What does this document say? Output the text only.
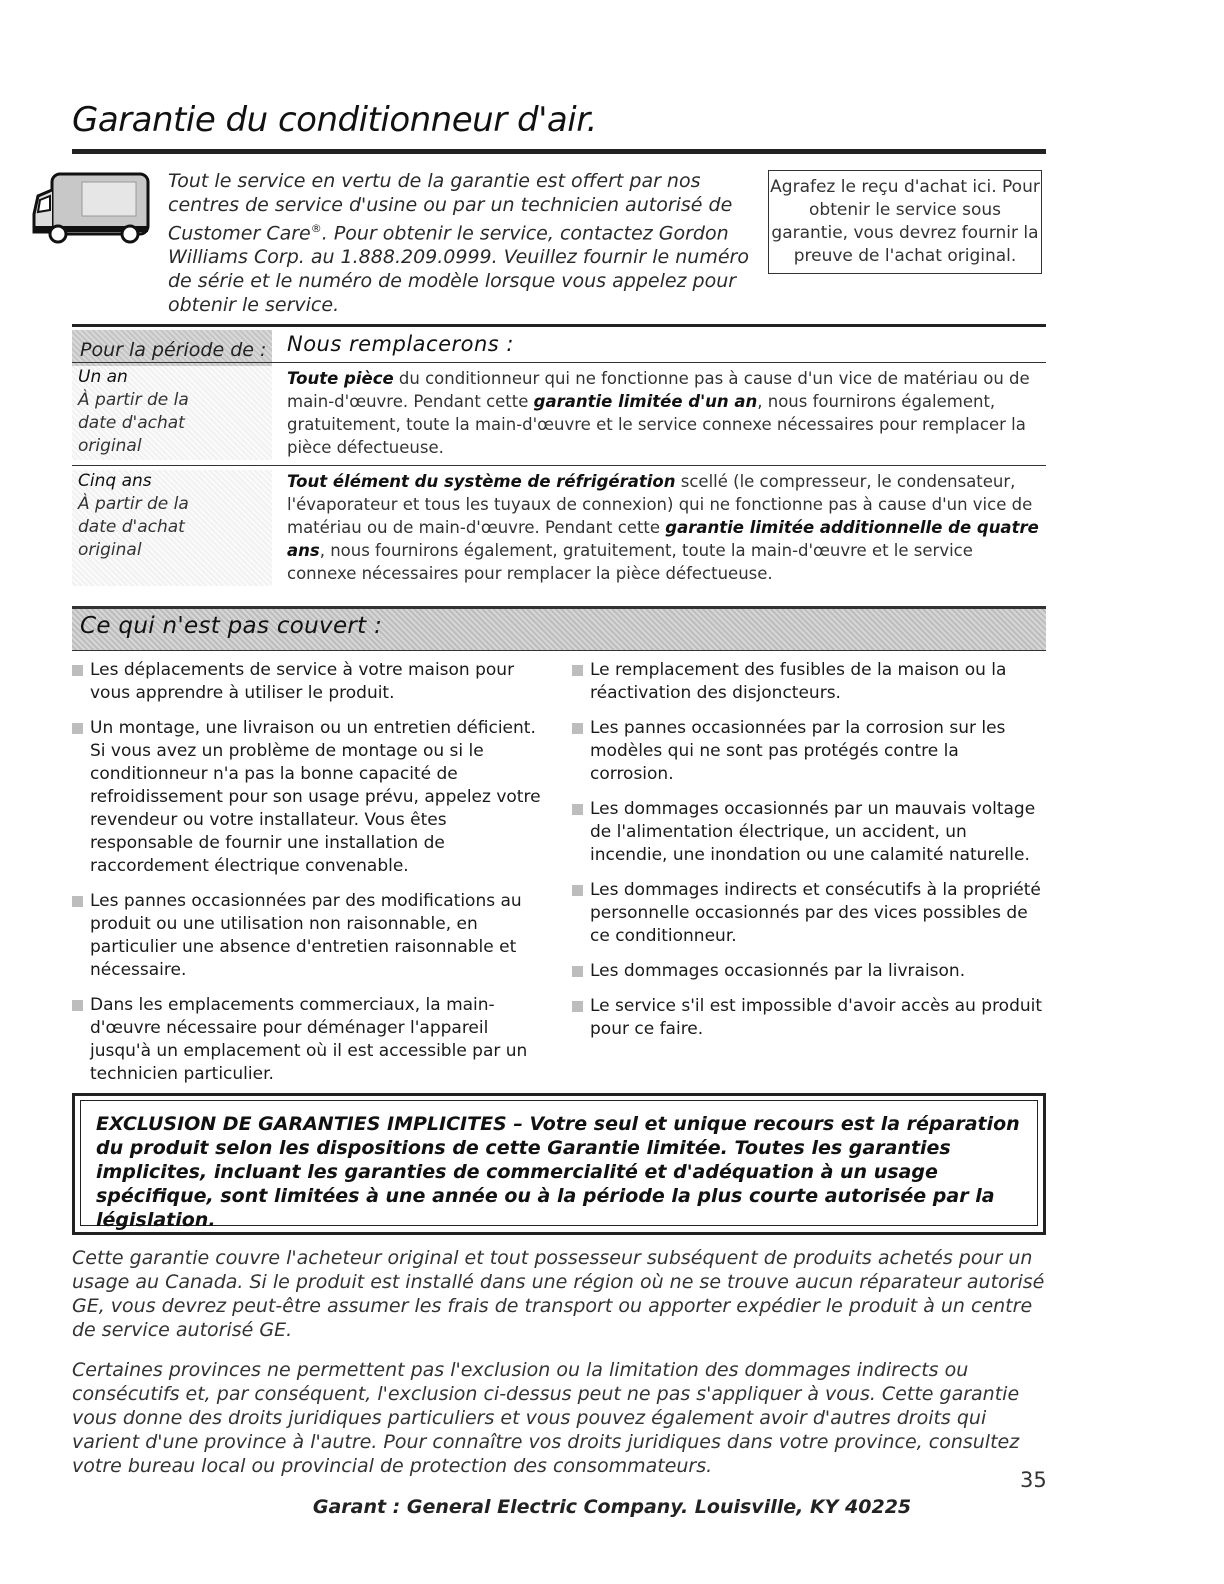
Garantie du conditionneur d'air.
Tout le service en vertu de la garantie est offert par nos centres de service d'usine ou par un technicien autorisé de Customer Care®. Pour obtenir le service, contactez Gordon Williams Corp. au 1.888.209.0999. Veuillez fournir le numéro de série et le numéro de modèle lorsque vous appelez pour obtenir le service.
Agrafez le reçu d'achat ici. Pour obtenir le service sous garantie, vous devrez fournir la preuve de l'achat original.
Pour la période de : Nous remplacerons :
Un an
À partir de la date d'achat original
Toute pièce du conditionneur qui ne fonctionne pas à cause d'un vice de matériau ou de main-d'œuvre. Pendant cette garantie limitée d'un an, nous fournirons également, gratuitement, toute la main-d'œuvre et le service connexe nécessaires pour remplacer la pièce défectueuse.
Cinq ans
À partir de la date d'achat original
Tout élément du système de réfrigération scellé (le compresseur, le condensateur, l'évaporateur et tous les tuyaux de connexion) qui ne fonctionne pas à cause d'un vice de matériau ou de main-d'œuvre. Pendant cette garantie limitée additionnelle de quatre ans, nous fournirons également, gratuitement, toute la main-d'œuvre et le service connexe nécessaires pour remplacer la pièce défectueuse.
Ce qui n'est pas couvert :
Les déplacements de service à votre maison pour vous apprendre à utiliser le produit.
Un montage, une livraison ou un entretien déficient. Si vous avez un problème de montage ou si le conditionneur n'a pas la bonne capacité de refroidissement pour son usage prévu, appelez votre revendeur ou votre installateur. Vous êtes responsable de fournir une installation de raccordement électrique convenable.
Les pannes occasionnées par des modifications au produit ou une utilisation non raisonnable, en particulier une absence d'entretien raisonnable et nécessaire.
Dans les emplacements commerciaux, la main-d'œuvre nécessaire pour déménager l'appareil jusqu'à un emplacement où il est accessible par un technicien particulier.
Le remplacement des fusibles de la maison ou la réactivation des disjoncteurs.
Les pannes occasionnées par la corrosion sur les modèles qui ne sont pas protégés contre la corrosion.
Les dommages occasionnés par un mauvais voltage de l'alimentation électrique, un accident, un incendie, une inondation ou une calamité naturelle.
Les dommages indirects et consécutifs à la propriété personnelle occasionnés par des vices possibles de ce conditionneur.
Les dommages occasionnés par la livraison.
Le service s'il est impossible d'avoir accès au produit pour ce faire.
EXCLUSION DE GARANTIES IMPLICITES – Votre seul et unique recours est la réparation du produit selon les dispositions de cette Garantie limitée. Toutes les garanties implicites, incluant les garanties de commercialité et d'adéquation à un usage spécifique, sont limitées à une année ou à la période la plus courte autorisée par la législation.
Cette garantie couvre l'acheteur original et tout possesseur subséquent de produits achetés pour un usage au Canada. Si le produit est installé dans une région où ne se trouve aucun réparateur autorisé GE, vous devrez peut-être assumer les frais de transport ou apporter expédier le produit à un centre de service autorisé GE.
Certaines provinces ne permettent pas l'exclusion ou la limitation des dommages indirects ou consécutifs et, par conséquent, l'exclusion ci-dessus peut ne pas s'appliquer à vous. Cette garantie vous donne des droits juridiques particuliers et vous pouvez également avoir d'autres droits qui varient d'une province à l'autre. Pour connaître vos droits juridiques dans votre province, consultez votre bureau local ou provincial de protection des consommateurs.
35
Garant : General Electric Company. Louisville, KY 40225
